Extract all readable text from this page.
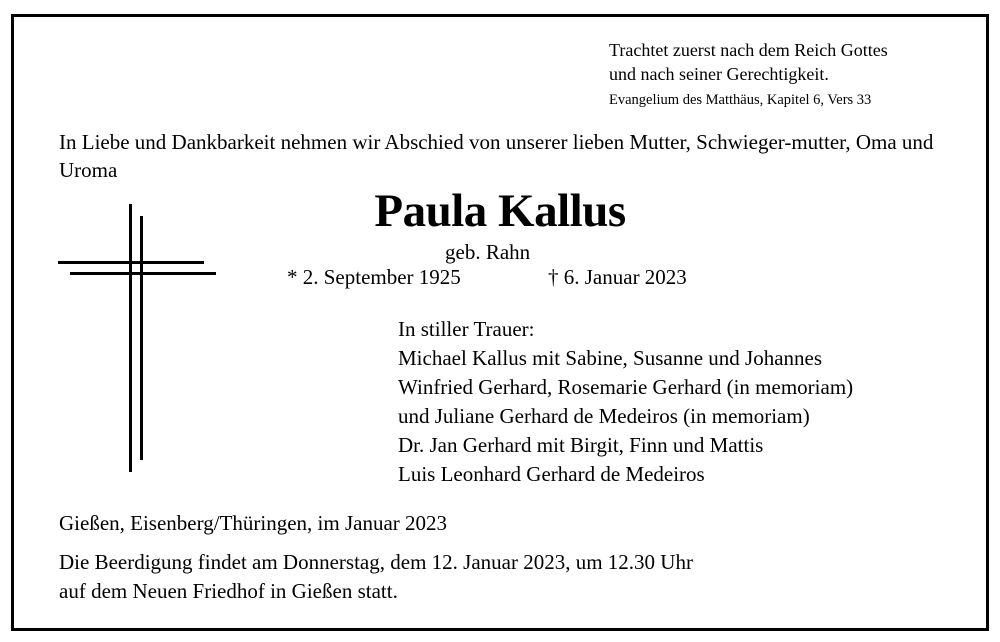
Trachtet zuerst nach dem Reich Gottes
und nach seiner Gerechtigkeit.
Evangelium des Matthäus, Kapitel 6, Vers 33
In Liebe und Dankbarkeit nehmen wir Abschied von unserer lieben Mutter, Schwieger-mutter, Oma und Uroma
Paula Kallus
geb. Rahn
* 2. September 1925	† 6. Januar 2023
In stiller Trauer:
Michael Kallus mit Sabine, Susanne und Johannes
Winfried Gerhard, Rosemarie Gerhard (in memoriam)
und Juliane Gerhard de Medeiros (in memoriam)
Dr. Jan Gerhard mit Birgit, Finn und Mattis
Luis Leonhard Gerhard de Medeiros
Gießen, Eisenberg/Thüringen, im Januar 2023
Die Beerdigung findet am Donnerstag, dem 12. Januar 2023, um 12.30 Uhr
auf dem Neuen Friedhof in Gießen statt.
